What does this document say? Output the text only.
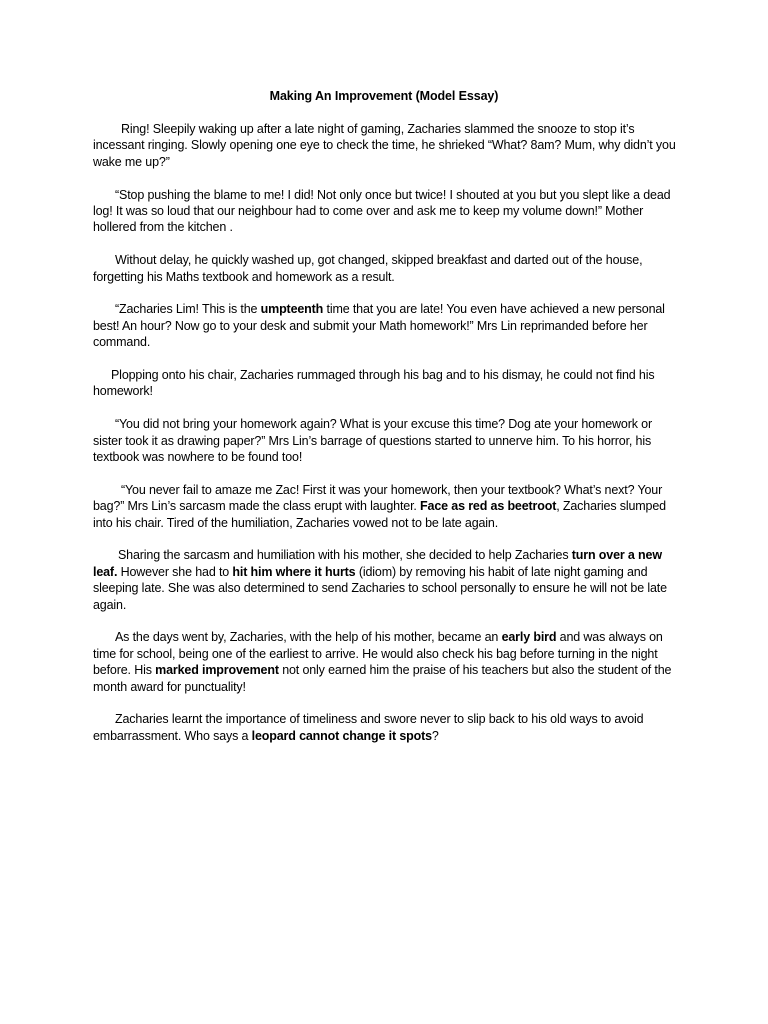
Making An Improvement (Model Essay)

Ring! Sleepily waking up after a late night of gaming, Zacharies slammed the snooze to stop it’s incessant ringing. Slowly opening one eye to check the time, he shrieked “What? 8am? Mum, why didn’t you wake me up?”

“Stop pushing the blame to me! I did! Not only once but twice! I shouted at you but you slept like a dead log! It was so loud that our neighbour had to come over and ask me to keep my volume down!” Mother hollered from the kitchen .

Without delay, he quickly washed up, got changed, skipped breakfast and darted out of the house, forgetting his Maths textbook and homework as a result.

“Zacharies Lim! This is the umpteenth time that you are late! You even have achieved a new personal best! An hour? Now go to your desk and submit your Math homework!” Mrs Lin reprimanded before her command.

Plopping onto his chair, Zacharies rummaged through his bag and to his dismay, he could not find his homework!

“You did not bring your homework again? What is your excuse this time? Dog ate your homework or sister took it as drawing paper?” Mrs Lin’s barrage of questions started to unnerve him. To his horror, his textbook was nowhere to be found too!

“You never fail to amaze me Zac! First it was your homework, then your textbook? What’s next? Your bag?” Mrs Lin’s sarcasm made the class erupt with laughter. Face as red as beetroot, Zacharies slumped into his chair. Tired of the humiliation, Zacharies vowed not to be late again.

Sharing the sarcasm and humiliation with his mother, she decided to help Zacharies turn over a new leaf. However she had to hit him where it hurts (idiom) by removing his habit of late night gaming and sleeping late. She was also determined to send Zacharies to school personally to ensure he will not be late again.

As the days went by, Zacharies, with the help of his mother, became an early bird and was always on time for school, being one of the earliest to arrive. He would also check his bag before turning in the night before. His marked improvement not only earned him the praise of his teachers but also the student of the month award for punctuality!

Zacharies learnt the importance of timeliness and swore never to slip back to his old ways to avoid embarrassment. Who says a leopard cannot change it spots?
